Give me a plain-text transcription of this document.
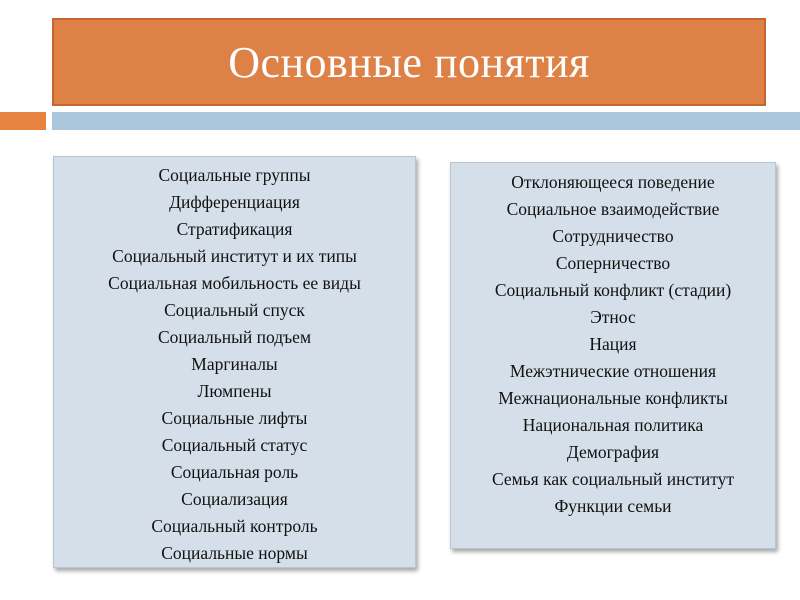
Основные понятия
Социальные группы
Дифференциация
Стратификация
Социальный институт и их типы
Социальная мобильность ее виды
Социальный спуск
Социальный подъем
Маргиналы
Люмпены
Социальные лифты
Социальный статус
Социальная роль
Социализация
Социальный контроль
Социальные нормы
Отклоняющееся поведение
Социальное взаимодействие
Сотрудничество
Соперничество
Социальный конфликт (стадии)
Этнос
Нация
Межэтнические отношения
Межнациональные конфликты
Национальная политика
Демография
Семья как социальный институт
Функции семьи
